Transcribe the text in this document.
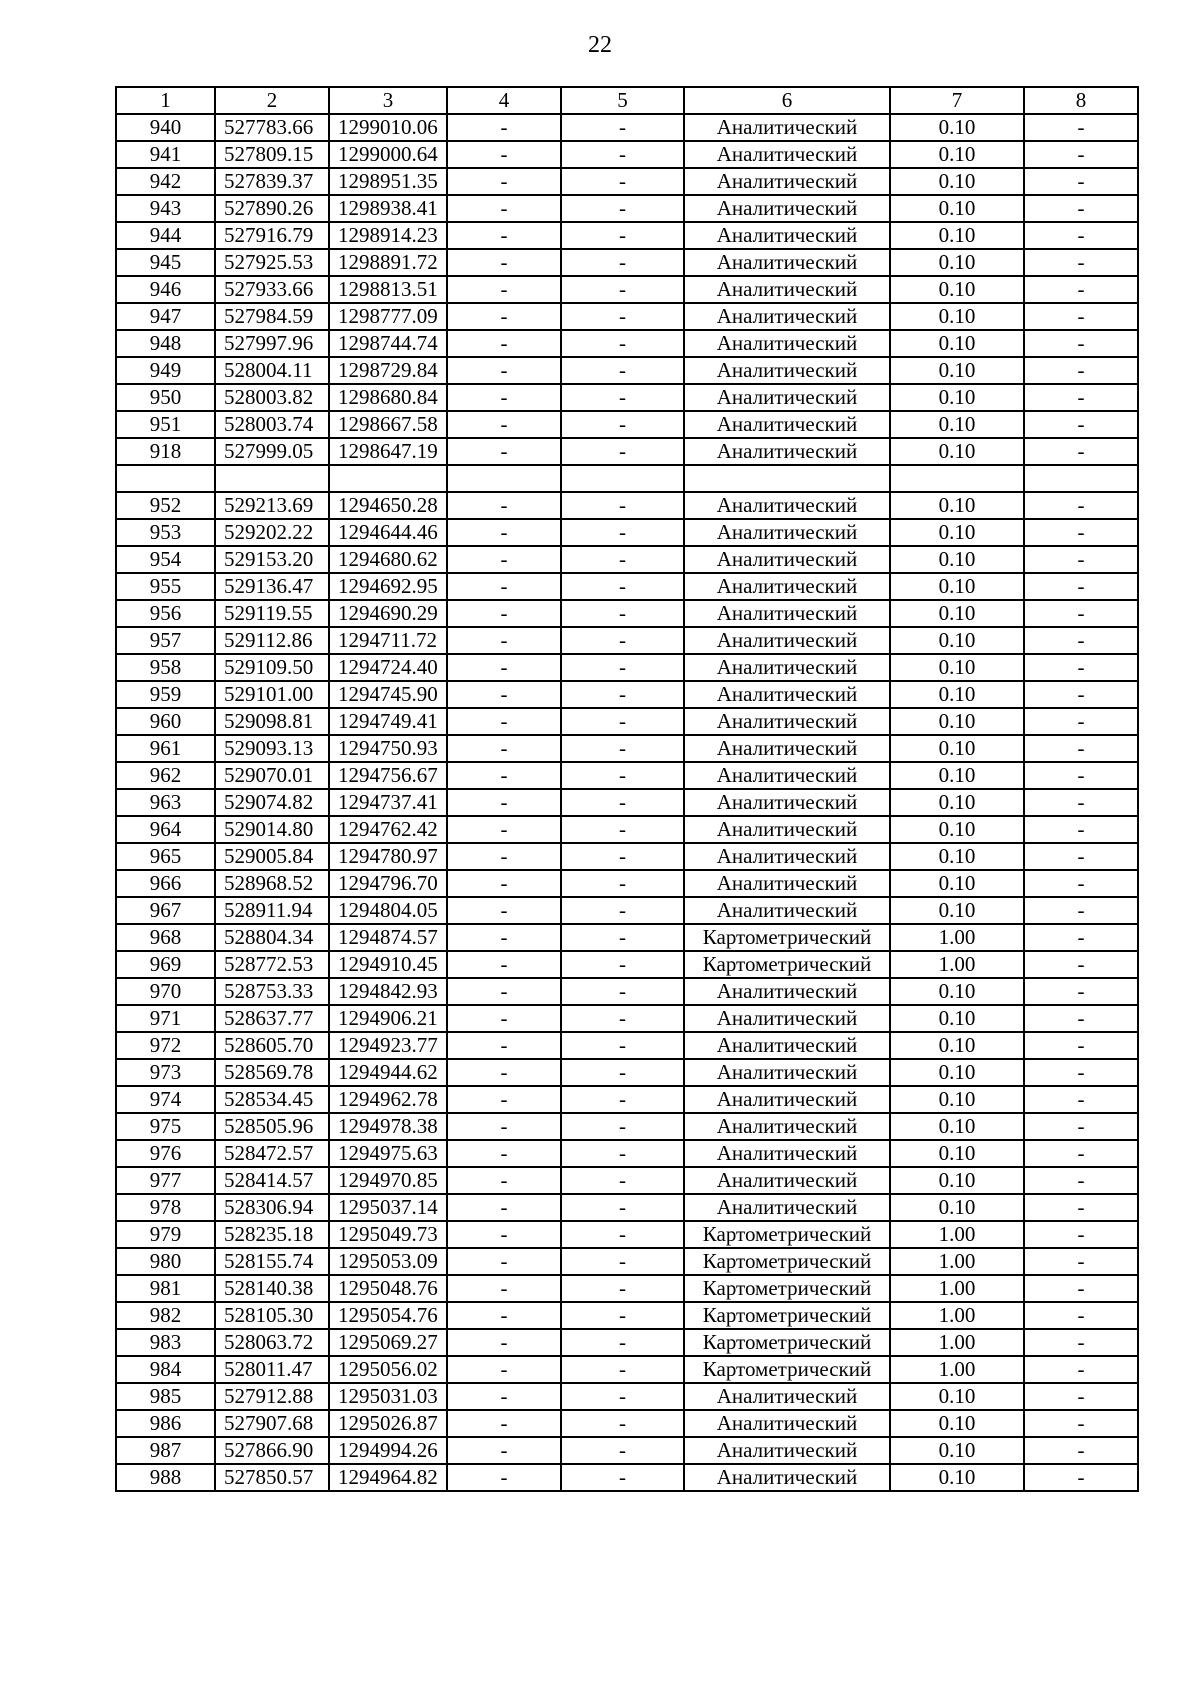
22
1	2	3	4	5	6	7	8
940	527783.66	1299010.06	-	-	Аналитический	0.10	-
941	527809.15	1299000.64	-	-	Аналитический	0.10	-
942	527839.37	1298951.35	-	-	Аналитический	0.10	-
943	527890.26	1298938.41	-	-	Аналитический	0.10	-
944	527916.79	1298914.23	-	-	Аналитический	0.10	-
945	527925.53	1298891.72	-	-	Аналитический	0.10	-
946	527933.66	1298813.51	-	-	Аналитический	0.10	-
947	527984.59	1298777.09	-	-	Аналитический	0.10	-
948	527997.96	1298744.74	-	-	Аналитический	0.10	-
949	528004.11	1298729.84	-	-	Аналитический	0.10	-
950	528003.82	1298680.84	-	-	Аналитический	0.10	-
951	528003.74	1298667.58	-	-	Аналитический	0.10	-
918	527999.05	1298647.19	-	-	Аналитический	0.10	-

952	529213.69	1294650.28	-	-	Аналитический	0.10	-
953	529202.22	1294644.46	-	-	Аналитический	0.10	-
954	529153.20	1294680.62	-	-	Аналитический	0.10	-
955	529136.47	1294692.95	-	-	Аналитический	0.10	-
956	529119.55	1294690.29	-	-	Аналитический	0.10	-
957	529112.86	1294711.72	-	-	Аналитический	0.10	-
958	529109.50	1294724.40	-	-	Аналитический	0.10	-
959	529101.00	1294745.90	-	-	Аналитический	0.10	-
960	529098.81	1294749.41	-	-	Аналитический	0.10	-
961	529093.13	1294750.93	-	-	Аналитический	0.10	-
962	529070.01	1294756.67	-	-	Аналитический	0.10	-
963	529074.82	1294737.41	-	-	Аналитический	0.10	-
964	529014.80	1294762.42	-	-	Аналитический	0.10	-
965	529005.84	1294780.97	-	-	Аналитический	0.10	-
966	528968.52	1294796.70	-	-	Аналитический	0.10	-
967	528911.94	1294804.05	-	-	Аналитический	0.10	-
968	528804.34	1294874.57	-	-	Картометрический	1.00	-
969	528772.53	1294910.45	-	-	Картометрический	1.00	-
970	528753.33	1294842.93	-	-	Аналитический	0.10	-
971	528637.77	1294906.21	-	-	Аналитический	0.10	-
972	528605.70	1294923.77	-	-	Аналитический	0.10	-
973	528569.78	1294944.62	-	-	Аналитический	0.10	-
974	528534.45	1294962.78	-	-	Аналитический	0.10	-
975	528505.96	1294978.38	-	-	Аналитический	0.10	-
976	528472.57	1294975.63	-	-	Аналитический	0.10	-
977	528414.57	1294970.85	-	-	Аналитический	0.10	-
978	528306.94	1295037.14	-	-	Аналитический	0.10	-
979	528235.18	1295049.73	-	-	Картометрический	1.00	-
980	528155.74	1295053.09	-	-	Картометрический	1.00	-
981	528140.38	1295048.76	-	-	Картометрический	1.00	-
982	528105.30	1295054.76	-	-	Картометрический	1.00	-
983	528063.72	1295069.27	-	-	Картометрический	1.00	-
984	528011.47	1295056.02	-	-	Картометрический	1.00	-
985	527912.88	1295031.03	-	-	Аналитический	0.10	-
986	527907.68	1295026.87	-	-	Аналитический	0.10	-
987	527866.90	1294994.26	-	-	Аналитический	0.10	-
988	527850.57	1294964.82	-	-	Аналитический	0.10	-
